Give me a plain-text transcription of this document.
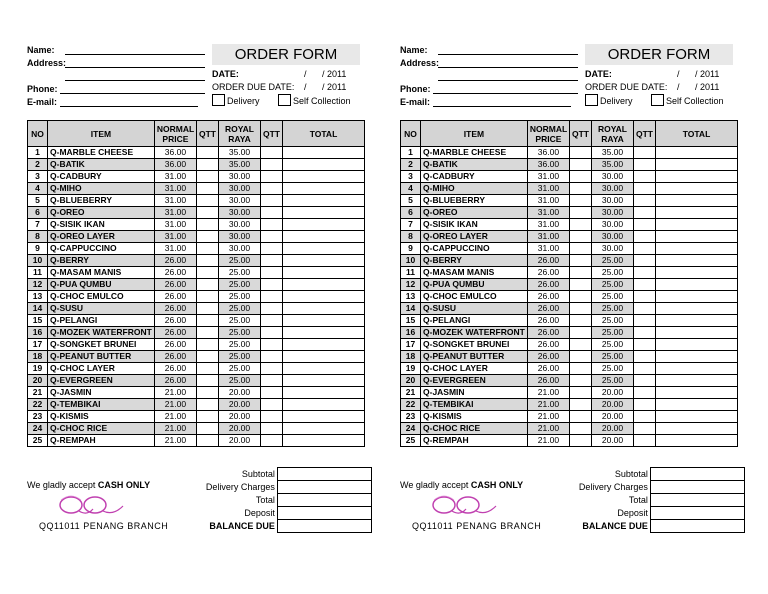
Name:
Address:
Phone:
E-mail:
ORDER FORM
DATE:	/ / 2011
ORDER DUE DATE: / / 2011
Delivery	Self Collection
NO	ITEM	NORMAL PRICE	QTT	ROYAL RAYA	QTT	TOTAL
1	Q-MARBLE CHEESE	36.00		35.00		
2	Q-BATIK	36.00		35.00		
3	Q-CADBURY	31.00		30.00		
4	Q-MIHO	31.00		30.00		
5	Q-BLUEBERRY	31.00		30.00		
6	Q-OREO	31.00		30.00		
7	Q-SISIK IKAN	31.00		30.00		
8	Q-OREO LAYER	31.00		30.00		
9	Q-CAPPUCCINO	31.00		30.00		
10	Q-BERRY	26.00		25.00		
11	Q-MASAM MANIS	26.00		25.00		
12	Q-PUA QUMBU	26.00		25.00		
13	Q-CHOC EMULCO	26.00		25.00		
14	Q-SUSU	26.00		25.00		
15	Q-PELANGI	26.00		25.00		
16	Q-MOZEK WATERFRONT	26.00		25.00		
17	Q-SONGKET BRUNEI	26.00		25.00		
18	Q-PEANUT BUTTER	26.00		25.00		
19	Q-CHOC LAYER	26.00		25.00		
20	Q-EVERGREEN	26.00		25.00		
21	Q-JASMIN	21.00		20.00		
22	Q-TEMBIKAI	21.00		20.00		
23	Q-KISMIS	21.00		20.00		
24	Q-CHOC RICE	21.00		20.00		
25	Q-REMPAH	21.00		20.00		
We gladly accept CASH ONLY
QQ11011 PENANG BRANCH
Subtotal	
Delivery Charges	
Total	
Deposit	
BALANCE DUE	
Name:
Address:
Phone:
E-mail:
ORDER FORM
DATE:	/ / 2011
ORDER DUE DATE: / / 2011
Delivery	Self Collection
NO	ITEM	NORMAL PRICE	QTT	ROYAL RAYA	QTT	TOTAL
1	Q-MARBLE CHEESE	36.00		35.00		
2	Q-BATIK	36.00		35.00		
3	Q-CADBURY	31.00		30.00		
4	Q-MIHO	31.00		30.00		
5	Q-BLUEBERRY	31.00		30.00		
6	Q-OREO	31.00		30.00		
7	Q-SISIK IKAN	31.00		30.00		
8	Q-OREO LAYER	31.00		30.00		
9	Q-CAPPUCCINO	31.00		30.00		
10	Q-BERRY	26.00		25.00		
11	Q-MASAM MANIS	26.00		25.00		
12	Q-PUA QUMBU	26.00		25.00		
13	Q-CHOC EMULCO	26.00		25.00		
14	Q-SUSU	26.00		25.00		
15	Q-PELANGI	26.00		25.00		
16	Q-MOZEK WATERFRONT	26.00		25.00		
17	Q-SONGKET BRUNEI	26.00		25.00		
18	Q-PEANUT BUTTER	26.00		25.00		
19	Q-CHOC LAYER	26.00		25.00		
20	Q-EVERGREEN	26.00		25.00		
21	Q-JASMIN	21.00		20.00		
22	Q-TEMBIKAI	21.00		20.00		
23	Q-KISMIS	21.00		20.00		
24	Q-CHOC RICE	21.00		20.00		
25	Q-REMPAH	21.00		20.00		
We gladly accept CASH ONLY
QQ11011 PENANG BRANCH
Subtotal	
Delivery Charges	
Total	
Deposit	
BALANCE DUE	
